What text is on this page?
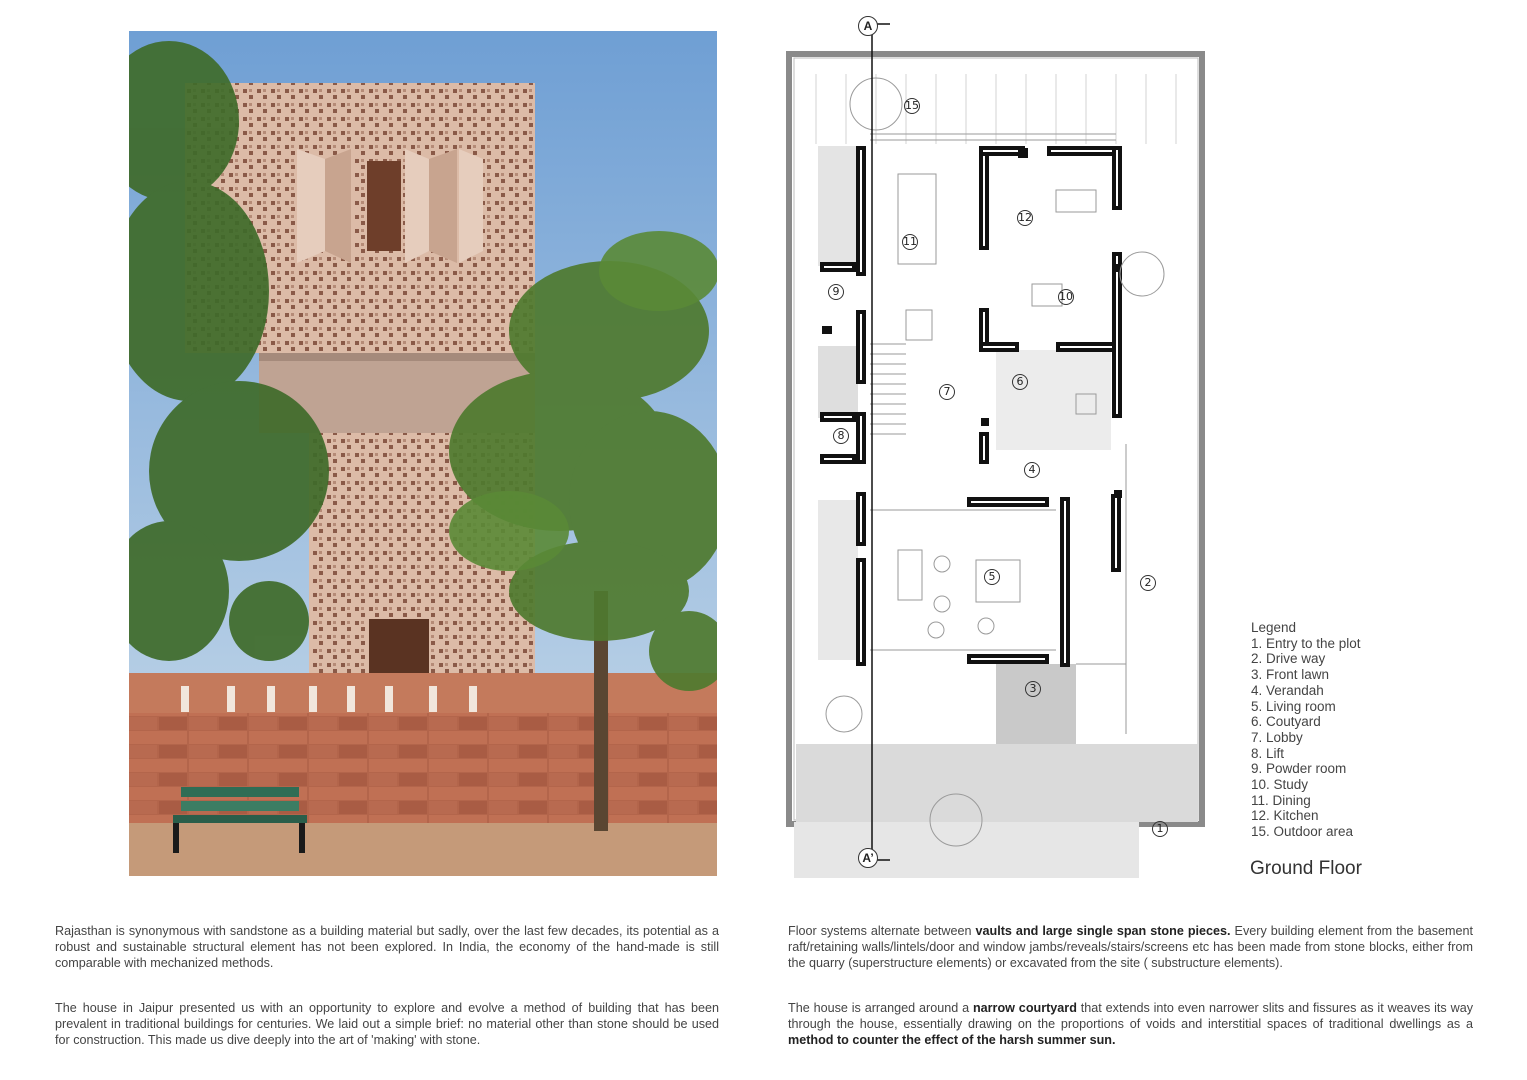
A
A’
15
11
12
9	10
7
6
8
4
5	2
3
1

Legend

1. Entry to the plot
2. Drive way
3. Front lawn
4. Verandah
5. Living room
6. Coutyard
7. Lobby
8. Lift
9. Powder room
10. Study
11. Dining
12. Kitchen
15. Outdoor area
Ground Floor

Rajasthan is synonymous with sandstone as a building material but sadly, over the last few decades, its potential as a robust and sustainable structural element has not been explored. In India, the economy of the hand-made is still comparable with mechanized methods.

The house in Jaipur presented us with an opportunity to explore and evolve a method of building that has been prevalent in traditional buildings for centuries. We laid out a simple brief: no material other than stone should be used for construction. This made us dive deeply into the art of 'making' with stone.

Floor systems alternate between vaults and large single span stone pieces. Every building element from the basement raft/retaining walls/lintels/door and window jambs/reveals/stairs/screens etc has been made from stone blocks, either from the quarry (superstructure elements) or excavated from the site ( substructure elements).

The house is arranged around a narrow courtyard that extends into even narrower slits and fissures as it weaves its way through the house, essentially drawing on the proportions of voids and interstitial spaces of traditional dwellings as a method to counter the effect of the harsh summer sun.
